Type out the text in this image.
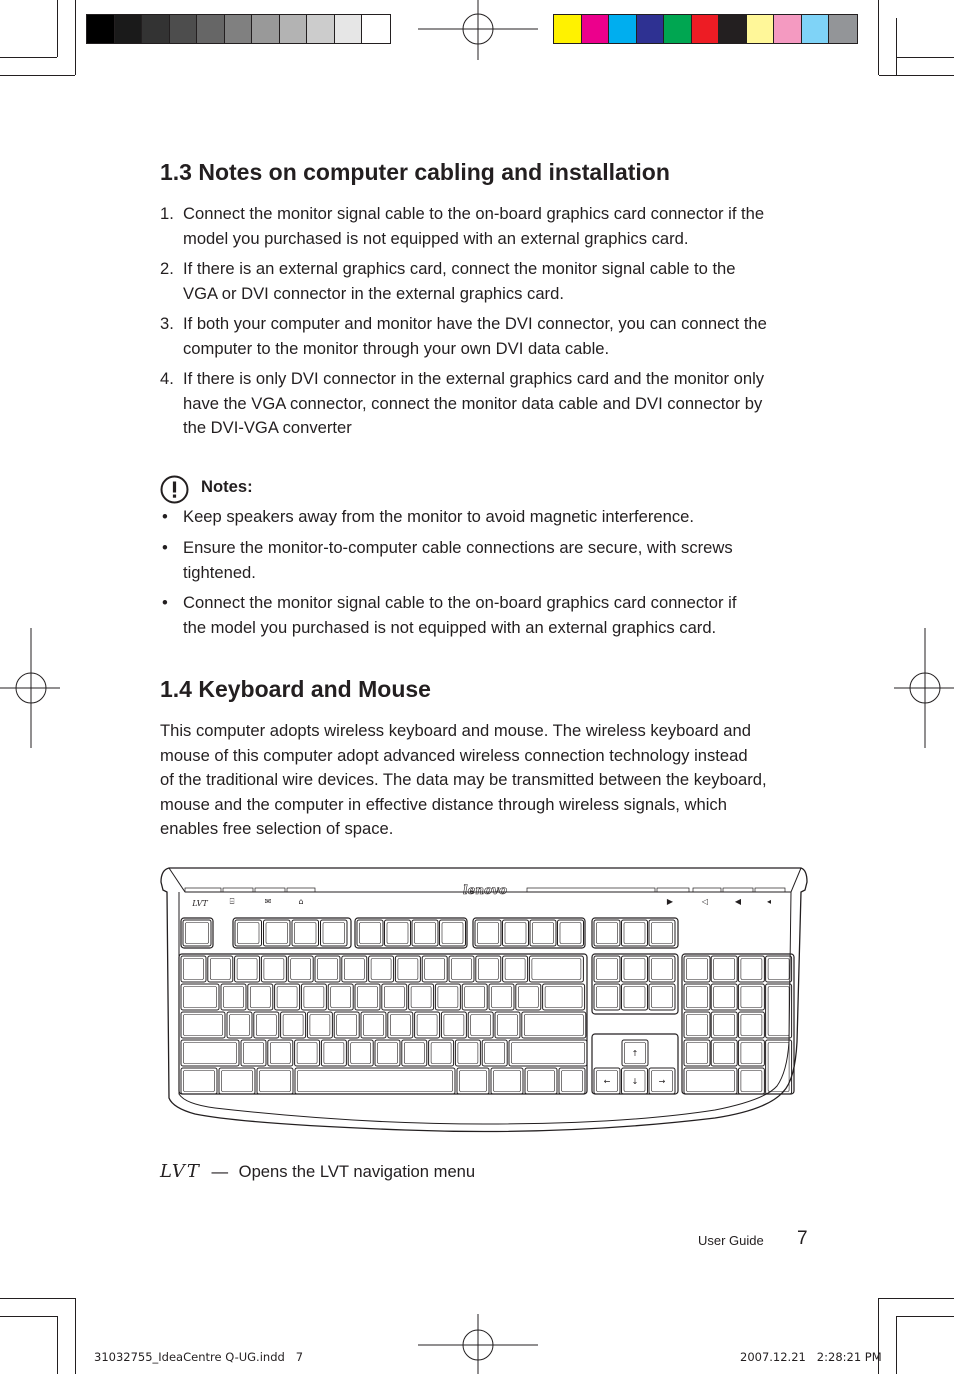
1.3 Notes on computer cabling and installation
1. Connect the monitor signal cable to the on-board graphics card connector if the
model you purchased is not equipped with an external graphics card.
2. If there is an external graphics card, connect the monitor signal cable to the
VGA or DVI connector in the external graphics card.
3. If both your computer and monitor have the DVI connector, you can connect the
computer to the monitor through your own DVI data cable.
4. If there is only DVI connector in the external graphics card and the monitor only
have the VGA connector, connect the monitor data cable and DVI connector by
the DVI-VGA converter
Notes:
• Keep speakers away from the monitor to avoid magnetic interference.
• Ensure the monitor-to-computer cable connections are secure, with screws
tightened.
• Connect the monitor signal cable to the on-board graphics card connector if
the model you purchased is not equipped with an external graphics card.
1.4 Keyboard and Mouse
This computer adopts wireless keyboard and mouse. The wireless keyboard and
mouse of this computer adopt advanced wireless connection technology instead
of the traditional wire devices. The data may be transmitted between the keyboard,
mouse and the computer in effective distance through wireless signals, which
enables free selection of space.
⌹	✉	⌂	▶	◁	◀	◂
↑
←	↓	→
lenovo
LVT
LVT — Opens the LVT navigation menu
User Guide 7
31032755_IdeaCentre Q-UG.indd   7	2007.12.21   2:28:21 PM
